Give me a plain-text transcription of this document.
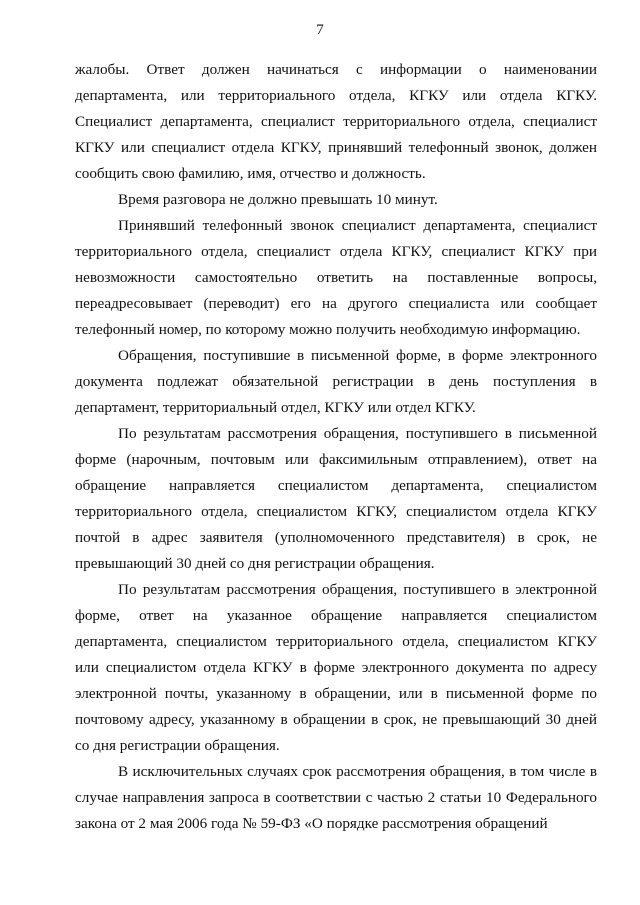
7

жалобы. Ответ должен начинаться с информации о наименовании департамента, или территориального отдела, КГКУ или отдела КГКУ. Специалист департамента, специалист территориального отдела, специалист КГКУ или специалист отдела КГКУ, принявший телефонный звонок, должен сообщить свою фамилию, имя, отчество и должность.

Время разговора не должно превышать 10 минут.

Принявший телефонный звонок специалист департамента, специалист территориального отдела, специалист отдела КГКУ, специалист КГКУ при невозможности самостоятельно ответить на поставленные вопросы, переадресовывает (переводит) его на другого специалиста или сообщает телефонный номер, по которому можно получить необходимую информацию.

Обращения, поступившие в письменной форме, в форме электронного документа подлежат обязательной регистрации в день поступления в департамент, территориальный отдел, КГКУ или отдел КГКУ.

По результатам рассмотрения обращения, поступившего в письменной форме (нарочным, почтовым или факсимильным отправлением), ответ на обращение направляется специалистом департамента, специалистом территориального отдела, специалистом КГКУ, специалистом отдела КГКУ почтой в адрес заявителя (уполномоченного представителя) в срок, не превышающий 30 дней со дня регистрации обращения.

По результатам рассмотрения обращения, поступившего в электронной форме, ответ на указанное обращение направляется специалистом департамента, специалистом территориального отдела, специалистом КГКУ или специалистом отдела КГКУ в форме электронного документа по адресу электронной почты, указанному в обращении, или в письменной форме по почтовому адресу, указанному в обращении в срок, не превышающий 30 дней со дня регистрации обращения.

В исключительных случаях срок рассмотрения обращения, в том числе в случае направления запроса в соответствии с частью 2 статьи 10 Федерального закона от 2 мая 2006 года № 59-ФЗ «О порядке рассмотрения обращений
